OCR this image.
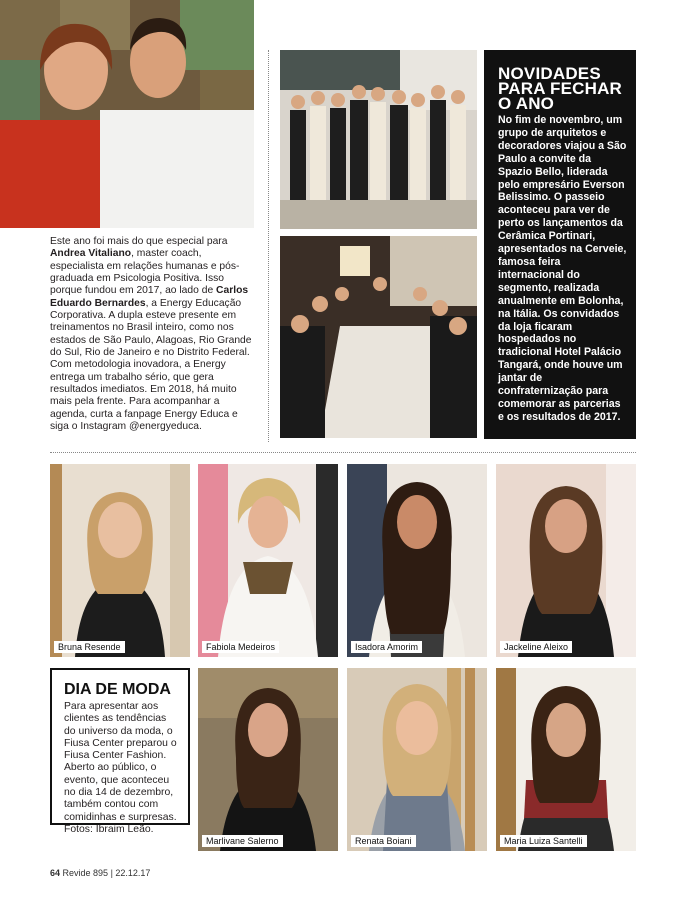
Este ano foi mais do que especial para Andrea Vitaliano, master coach, especialista em relações humanas e pós-graduada em Psicologia Positiva. Isso porque fundou em 2017, ao lado de Carlos Eduardo Bernardes, a Energy Educação Corporativa. A dupla esteve presente em treinamentos no Brasil inteiro, como nos estados de São Paulo, Alagoas, Rio Grande do Sul, Rio de Janeiro e no Distrito Federal. Com metodologia inovadora, a Energy entrega um trabalho sério, que gera resultados imediatos. Em 2018, há muito mais pela frente. Para acompanhar a agenda, curta a fanpage Energy Educa e siga o Instagram @energyeduca.
NOVIDADES
PARA FECHAR
O ANO

No fim de novembro, um grupo de arquitetos e decoradores viajou a São Paulo a convite da Spazio Bello, liderada pelo empresário Everson Belissimo. O passeio aconteceu para ver de perto os lançamentos da Cerâmica Portinari, apresentados na Cerveie, famosa feira internacional do segmento, realizada anualmente em Bolonha, na Itália. Os convidados da loja ficaram hospedados no tradicional Hotel Palácio Tangará, onde houve um jantar de confraternização para comemorar as parcerias e os resultados de 2017.

Bruna Resende	Fabiola Medeiros	Isadora Amorim	Jackeline Aleixo
DIA DE MODA

Para apresentar aos clientes as tendências do universo da moda, o Fiusa Center preparou o Fiusa Center Fashion. Aberto ao público, o evento, que aconteceu no dia 14 de dezembro, também contou com comidinhas e surpresas. Fotos: Ibraim Leão.

Marlivane Salerno	Renata Boiani	Maria Luiza Santelli
64 Revide 895 | 22.12.17
